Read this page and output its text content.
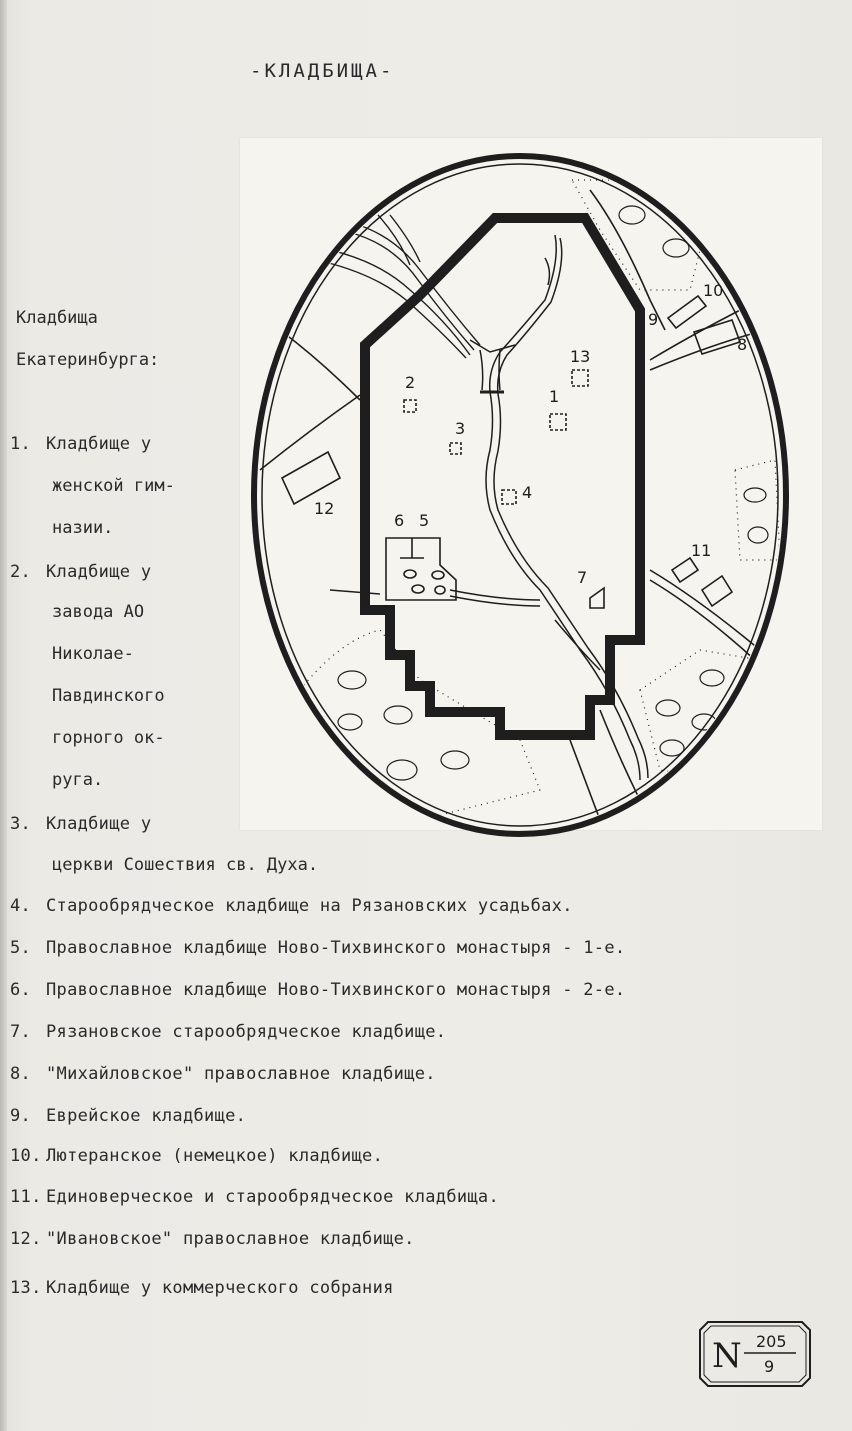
-КЛАДБИЩА-
Кладбища
Екатеринбурга:
1. Кладбище у
женской гим-
назии.
2. Кладбище у
завода АО
Николае-
Павдинского
горного ок-
руга.
3. Кладбище у
церкви Сошествия св. Духа.
4. Старообрядческое кладбище на Рязановских усадьбах.
5. Православное кладбище Ново-Тихвинского монастыря - 1-е.
6. Православное кладбище Ново-Тихвинского монастыря - 2-е.
7. Рязановское старообрядческое кладбище.
8. "Михайловское" православное кладбище.
9. Еврейское кладбище.
10. Лютеранское (немецкое) кладбище.
11. Единоверческое и старообрядческое кладбища.
12. "Ивановское" православное кладбище.
13. Кладбище у коммерческого собрания
1
2
3
4
5
6
7
8
9
10
11
12
13
N 205
9
